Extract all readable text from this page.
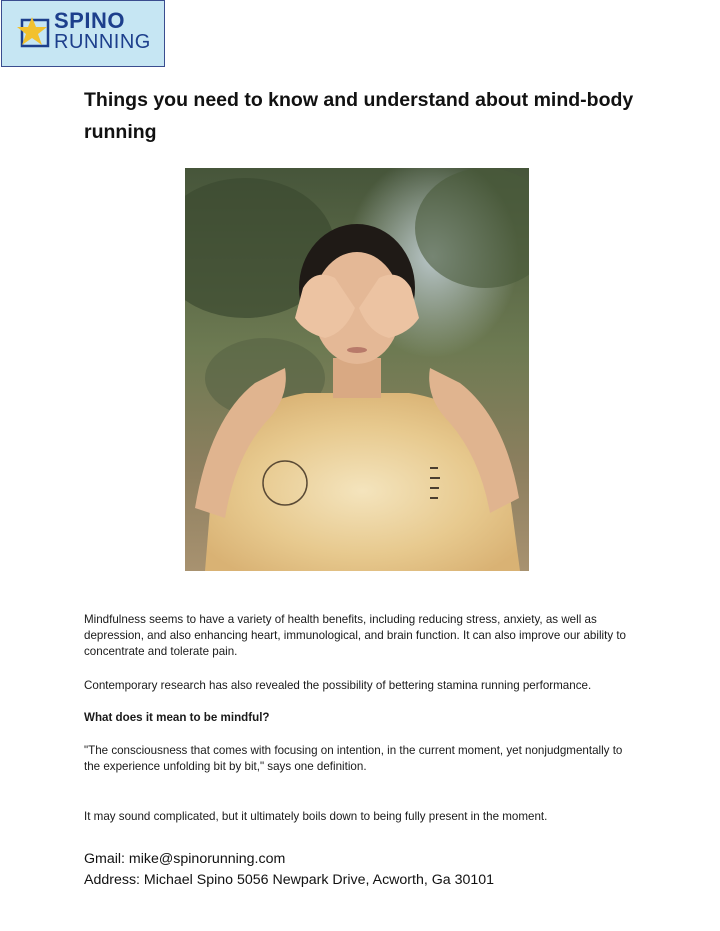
SPINO
RUNNING
Things you need to know and understand about mind-body running
Mindfulness seems to have a variety of health benefits, including reducing stress, anxiety, as well as depression, and also enhancing heart, immunological, and brain function. It can also improve our ability to concentrate and tolerate pain.
Contemporary research has also revealed the possibility of bettering stamina running performance.
What does it mean to be mindful?
"The consciousness that comes with focusing on intention, in the current moment, yet nonjudgmentally to the experience unfolding bit by bit," says one definition.
It may sound complicated, but it ultimately boils down to being fully present in the moment.
Gmail: mike@spinorunning.com
Address: Michael Spino 5056 Newpark Drive, Acworth, Ga 30101
